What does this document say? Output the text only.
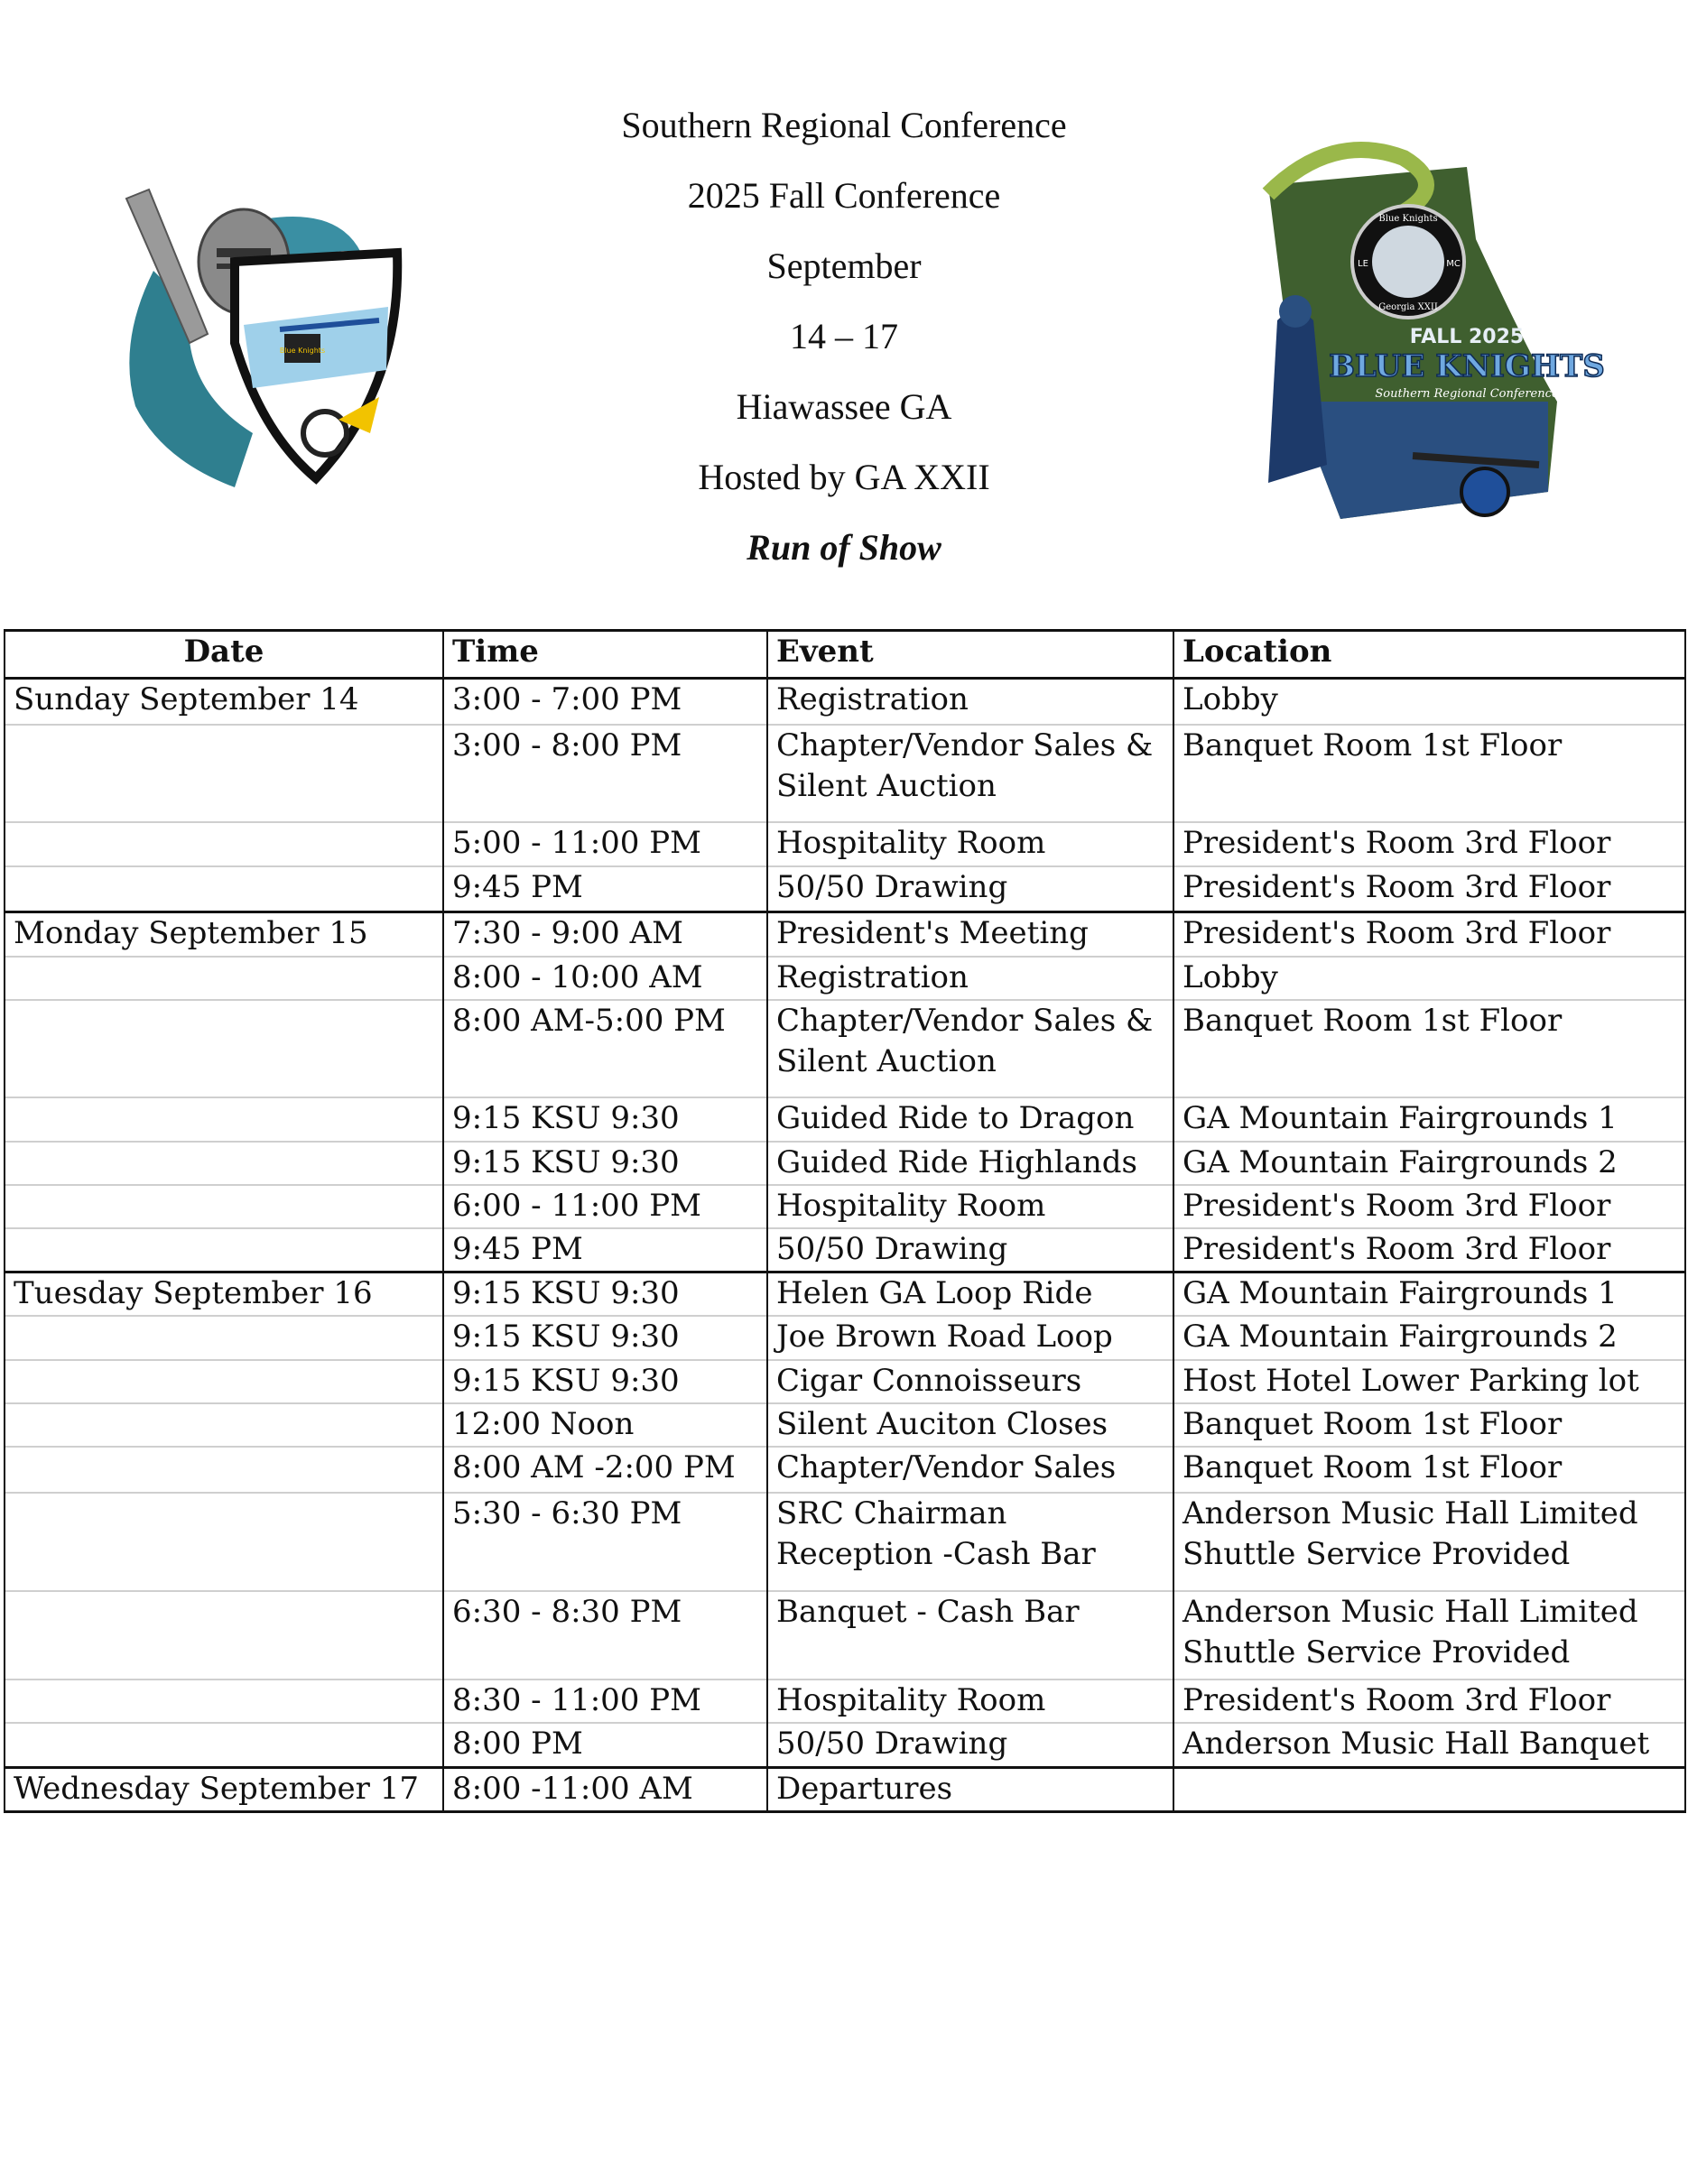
Southern Regional Conference
2025 Fall Conference
September
14 – 17
Hiawassee GA
Hosted by GA XXII
Run of Show
Blue Knights
Blue Knights
LE	MC
Georgia XXII
FALL 2025
BLUE KNIGHTS
Southern Regional Conference
Date	Time	Event	Location
Sunday September 14	3:00 - 7:00 PM	Registration	Lobby
	3:00 - 8:00 PM	Chapter/Vendor Sales & Silent Auction	Banquet Room 1st Floor
	5:00 - 11:00 PM	Hospitality Room	President's Room 3rd Floor
	9:45 PM	50/50 Drawing	President's Room 3rd Floor
Monday September 15	7:30 - 9:00 AM	President's Meeting	President's Room 3rd Floor
	8:00 - 10:00 AM	Registration	Lobby
	8:00 AM-5:00 PM	Chapter/Vendor Sales & Silent Auction	Banquet Room 1st Floor
	9:15 KSU 9:30	Guided Ride to Dragon	GA Mountain Fairgrounds 1
	9:15 KSU 9:30	Guided Ride Highlands	GA Mountain Fairgrounds 2
	6:00 - 11:00 PM	Hospitality Room	President's Room 3rd Floor
	9:45 PM	50/50 Drawing	President's Room 3rd Floor
Tuesday September 16	9:15 KSU 9:30	Helen GA Loop Ride	GA Mountain Fairgrounds 1
	9:15 KSU 9:30	Joe Brown Road Loop	GA Mountain Fairgrounds 2
	9:15 KSU 9:30	Cigar Connoisseurs	Host Hotel Lower Parking lot
	12:00 Noon	Silent Auciton Closes	Banquet Room 1st Floor
	8:00 AM -2:00 PM	Chapter/Vendor Sales	Banquet Room 1st Floor
	5:30 - 6:30 PM	SRC Chairman Reception -Cash Bar	Anderson Music Hall Limited Shuttle Service Provided
	6:30 - 8:30 PM	Banquet - Cash Bar	Anderson Music Hall Limited Shuttle Service Provided
	8:30 - 11:00 PM	Hospitality Room	President's Room 3rd Floor
	8:00 PM	50/50 Drawing	Anderson Music Hall Banquet
Wednesday September 17	8:00 -11:00 AM	Departures	
